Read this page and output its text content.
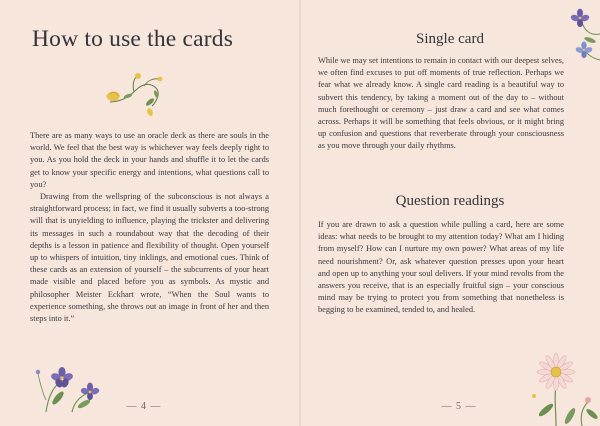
How to use the cards

There are as many ways to use an oracle deck as there are souls in the world. We feel that the best way is whichever way feels deeply right to you. As you hold the deck in your hands and shuffle it to let the cards get to know your specific energy and intentions, what questions call to you?

Drawing from the wellspring of the subconscious is not always a straightforward process; in fact, we find it usually subverts a too-strong will that is unyielding to influence, playing the trickster and delivering its messages in such a roundabout way that the decoding of their depths is a lesson in patience and flexibility of thought. Open yourself up to whispers of intuition, tiny inklings, and emotional cues. Think of these cards as an extension of yourself – the subcurrents of your heart made visible and placed before you as symbols. As mystic and philosopher Meister Eckhart wrote, “When the Soul wants to experience something, she throws out an image in front of her and then steps into it.”

— 4 —
Single card

While we may set intentions to remain in contact with our deepest selves, we often find excuses to put off moments of true reflection. Perhaps we fear what we already know. A single card reading is a beautiful way to subvert this tendency, by taking a moment out of the day to – without much forethought or ceremony – just draw a card and see what comes across. Perhaps it will be something that feels obvious, or it might bring up confusion and questions that reverberate through your consciousness as you move through your daily rhythms.

Question readings

If you are drawn to ask a question while pulling a card, here are some ideas: what needs to be brought to my attention today? What am I hiding from myself? How can I nurture my own power? What areas of my life need nourishment? Or, ask whatever question presses upon your heart and open up to anything your soul delivers. If your mind revolts from the answers you receive, that is an especially fruitful sign – your conscious mind may be trying to protect you from something that nonetheless is begging to be examined, tended to, and healed.

— 5 —
